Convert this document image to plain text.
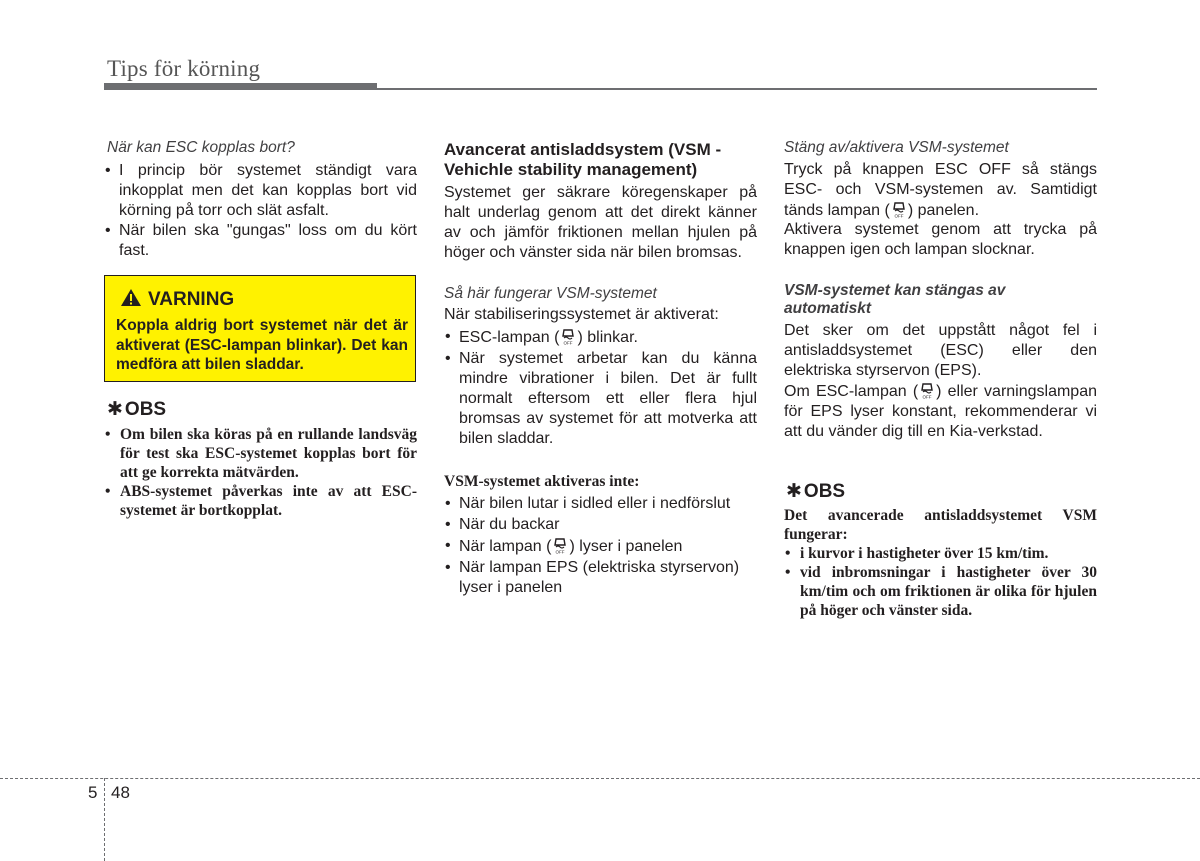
Tips för körning
När kan ESC kopplas bort?
• I princip bör systemet ständigt vara inkopplat men det kan kopplas bort vid körning på torr och slät asfalt.
• När bilen ska "gungas" loss om du kört fast.
VARNING
Koppla aldrig bort systemet när det är aktiverat (ESC-lampan blinkar). Det kan medföra att bilen sladdar.
✱ OBS
• Om bilen ska köras på en rullande landsväg för test ska ESC-systemet kopplas bort för att ge korrekta mätvärden.
• ABS-systemet påverkas inte av att ESC-systemet är bortkopplat.
Avancerat antisladdsystem (VSM - Vehichle stability management)
Systemet ger säkrare köregenskaper på halt underlag genom att det direkt känner av och jämför friktionen mellan hjulen på höger och vänster sida när bilen bromsas.
Så här fungerar VSM-systemet
När stabiliseringssystemet är aktiverat:
• ESC-lampan ( OFF ) blinkar.
• När systemet arbetar kan du känna mindre vibrationer i bilen. Det är fullt normalt eftersom ett eller flera hjul bromsas av systemet för att motverka att bilen sladdar.
VSM-systemet aktiveras inte:
• När bilen lutar i sidled eller i nedförslut
• När du backar
• När lampan ( OFF ) lyser i panelen
• När lampan EPS (elektriska styrservon) lyser i panelen
Stäng av/aktivera VSM-systemet
Tryck på knappen ESC OFF så stängs ESC- och VSM-systemen av. Samtidigt tänds lampan ( OFF ) panelen.
Aktivera systemet genom att trycka på knappen igen och lampan slocknar.
VSM-systemet kan stängas av automatiskt
Det sker om det uppstått något fel i antisladdsystemet (ESC) eller den elektriska styrservon (EPS).
Om ESC-lampan ( OFF ) eller varningslampan för EPS lyser konstant, rekommenderar vi att du vänder dig till en Kia-verkstad.
✱ OBS
Det avancerade antisladdsystemet VSM fungerar:
• i kurvor i hastigheter över 15 km/tim.
• vid inbromsningar i hastigheter över 30 km/tim och om friktionen är olika för hjulen på höger och vänster sida.
5 48
